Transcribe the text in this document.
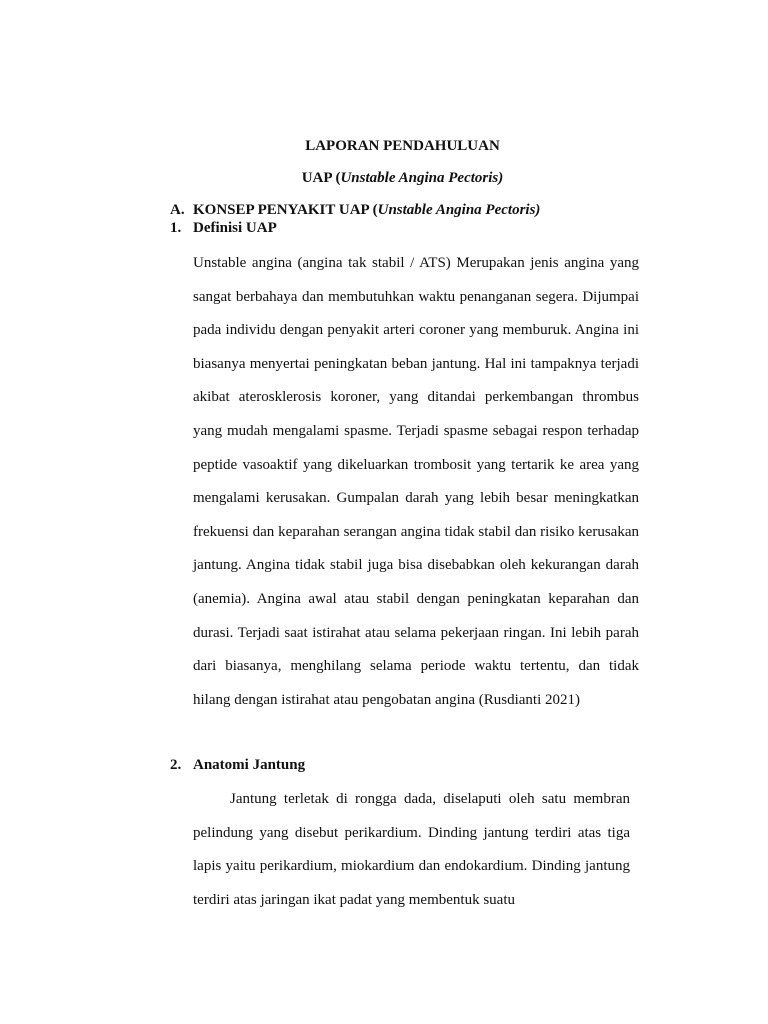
LAPORAN PENDAHULUAN
UAP (Unstable Angina Pectoris)
A. KONSEP PENYAKIT UAP (Unstable Angina Pectoris)
1. Definisi UAP

Unstable angina (angina tak stabil / ATS) Merupakan jenis angina yang sangat berbahaya dan membutuhkan waktu penanganan segera. Dijumpai pada individu dengan penyakit arteri coroner yang memburuk. Angina ini biasanya menyertai peningkatan beban jantung. Hal ini tampaknya terjadi akibat aterosklerosis koroner, yang ditandai perkembangan thrombus yang mudah mengalami spasme. Terjadi spasme sebagai respon terhadap peptide vasoaktif yang dikeluarkan trombosit yang tertarik ke area yang mengalami kerusakan. Gumpalan darah yang lebih besar meningkatkan frekuensi dan keparahan serangan angina tidak stabil dan risiko kerusakan jantung. Angina tidak stabil juga bisa disebabkan oleh kekurangan darah (anemia). Angina awal atau stabil dengan peningkatan keparahan dan durasi. Terjadi saat istirahat atau selama pekerjaan ringan. Ini lebih parah dari biasanya, menghilang selama periode waktu tertentu, dan tidak hilang dengan istirahat atau pengobatan angina (Rusdianti 2021)

2. Anatomi Jantung

Jantung terletak di rongga dada, diselaputi oleh satu membran pelindung yang disebut perikardium. Dinding jantung terdiri atas tiga lapis yaitu perikardium, miokardium dan endokardium. Dinding jantung terdiri atas jaringan ikat padat yang membentuk suatu
